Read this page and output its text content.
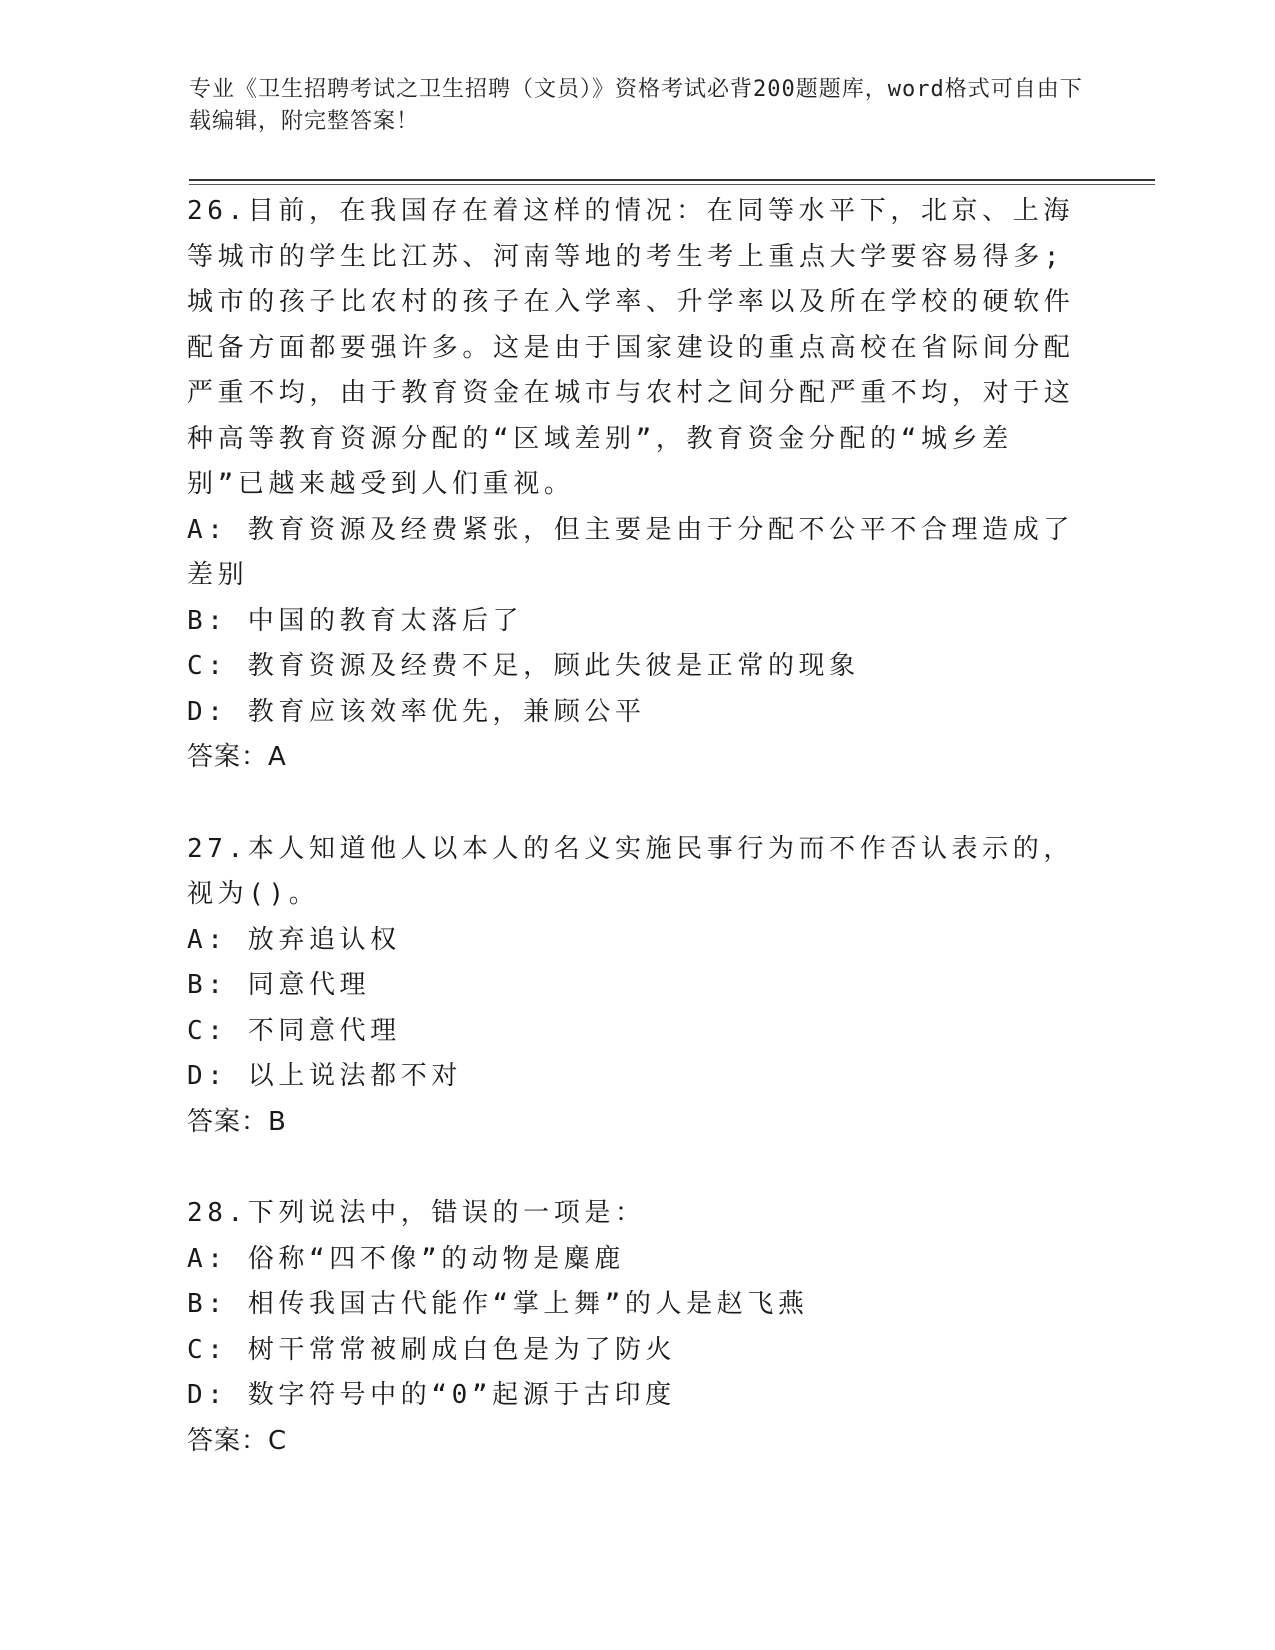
专业《卫生招聘考试之卫生招聘（文员）》资格考试必背200题题库，word格式可自由下载编辑，附完整答案！
26.目前，在我国存在着这样的情况：在同等水平下，北京、上海等城市的学生比江苏、河南等地的考生考上重点大学要容易得多;城市的孩子比农村的孩子在入学率、升学率以及所在学校的硬软件配备方面都要强许多。这是由于国家建设的重点高校在省际间分配严重不均，由于教育资金在城市与农村之间分配严重不均，对于这种高等教育资源分配的“区域差别”，教育资金分配的“城乡差别”已越来越受到人们重视。
A: 教育资源及经费紧张，但主要是由于分配不公平不合理造成了差别
B: 中国的教育太落后了
C: 教育资源及经费不足，顾此失彼是正常的现象
D: 教育应该效率优先，兼顾公平
答案：A
27.本人知道他人以本人的名义实施民事行为而不作否认表示的，视为()。
A: 放弃追认权
B: 同意代理
C: 不同意代理
D: 以上说法都不对
答案：B
28.下列说法中，错误的一项是：
A: 俗称“四不像”的动物是麋鹿
B: 相传我国古代能作“掌上舞”的人是赵飞燕
C: 树干常常被刷成白色是为了防火
D: 数字符号中的“0”起源于古印度
答案：C
